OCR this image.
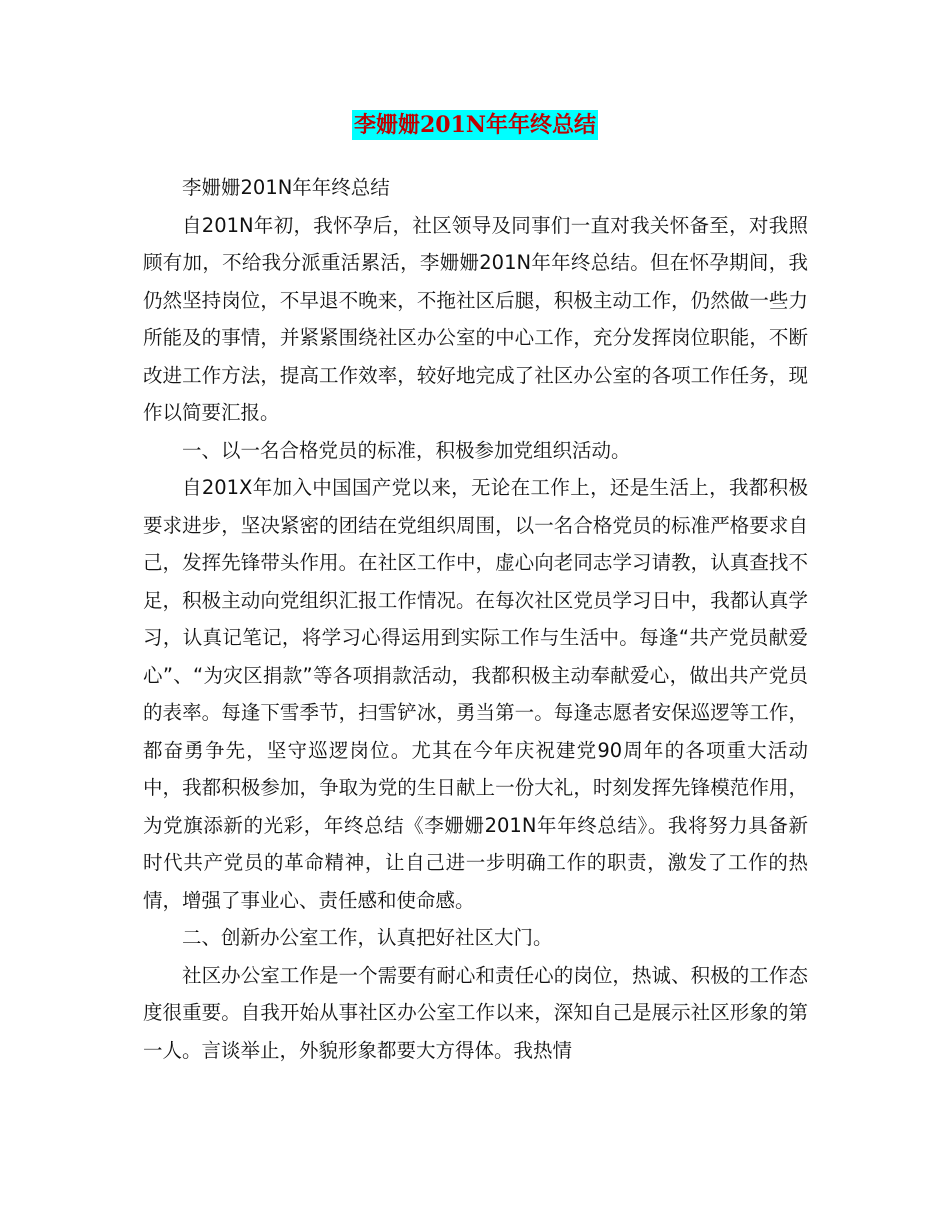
李姗姗201N年年终总结

李姗姗201N年年终总结

自201N年初，我怀孕后，社区领导及同事们一直对我关怀备至，对我照顾有加，不给我分派重活累活，李姗姗201N年年终总结。但在怀孕期间，我仍然坚持岗位，不早退不晚来，不拖社区后腿，积极主动工作，仍然做一些力所能及的事情，并紧紧围绕社区办公室的中心工作，充分发挥岗位职能，不断改进工作方法，提高工作效率，较好地完成了社区办公室的各项工作任务，现作以简要汇报。

一、以一名合格党员的标准，积极参加党组织活动。

自201X年加入中国国产党以来，无论在工作上，还是生活上，我都积极要求进步，坚决紧密的团结在党组织周围，以一名合格党员的标准严格要求自己，发挥先锋带头作用。在社区工作中，虚心向老同志学习请教，认真查找不足，积极主动向党组织汇报工作情况。在每次社区党员学习日中，我都认真学习，认真记笔记，将学习心得运用到实际工作与生活中。每逢“共产党员献爱心”、“为灾区捐款”等各项捐款活动，我都积极主动奉献爱心，做出共产党员的表率。每逢下雪季节，扫雪铲冰，勇当第一。每逢志愿者安保巡逻等工作，都奋勇争先，坚守巡逻岗位。尤其在今年庆祝建党90周年的各项重大活动中，我都积极参加，争取为党的生日献上一份大礼，时刻发挥先锋模范作用，为党旗添新的光彩，年终总结《李姗姗201N年年终总结》。我将努力具备新时代共产党员的革命精神，让自己进一步明确工作的职责，激发了工作的热情，增强了事业心、责任感和使命感。

二、创新办公室工作，认真把好社区大门。

社区办公室工作是一个需要有耐心和责任心的岗位，热诚、积极的工作态度很重要。自我开始从事社区办公室工作以来，深知自己是展示社区形象的第一人。言谈举止，外貌形象都要大方得体。我热情
